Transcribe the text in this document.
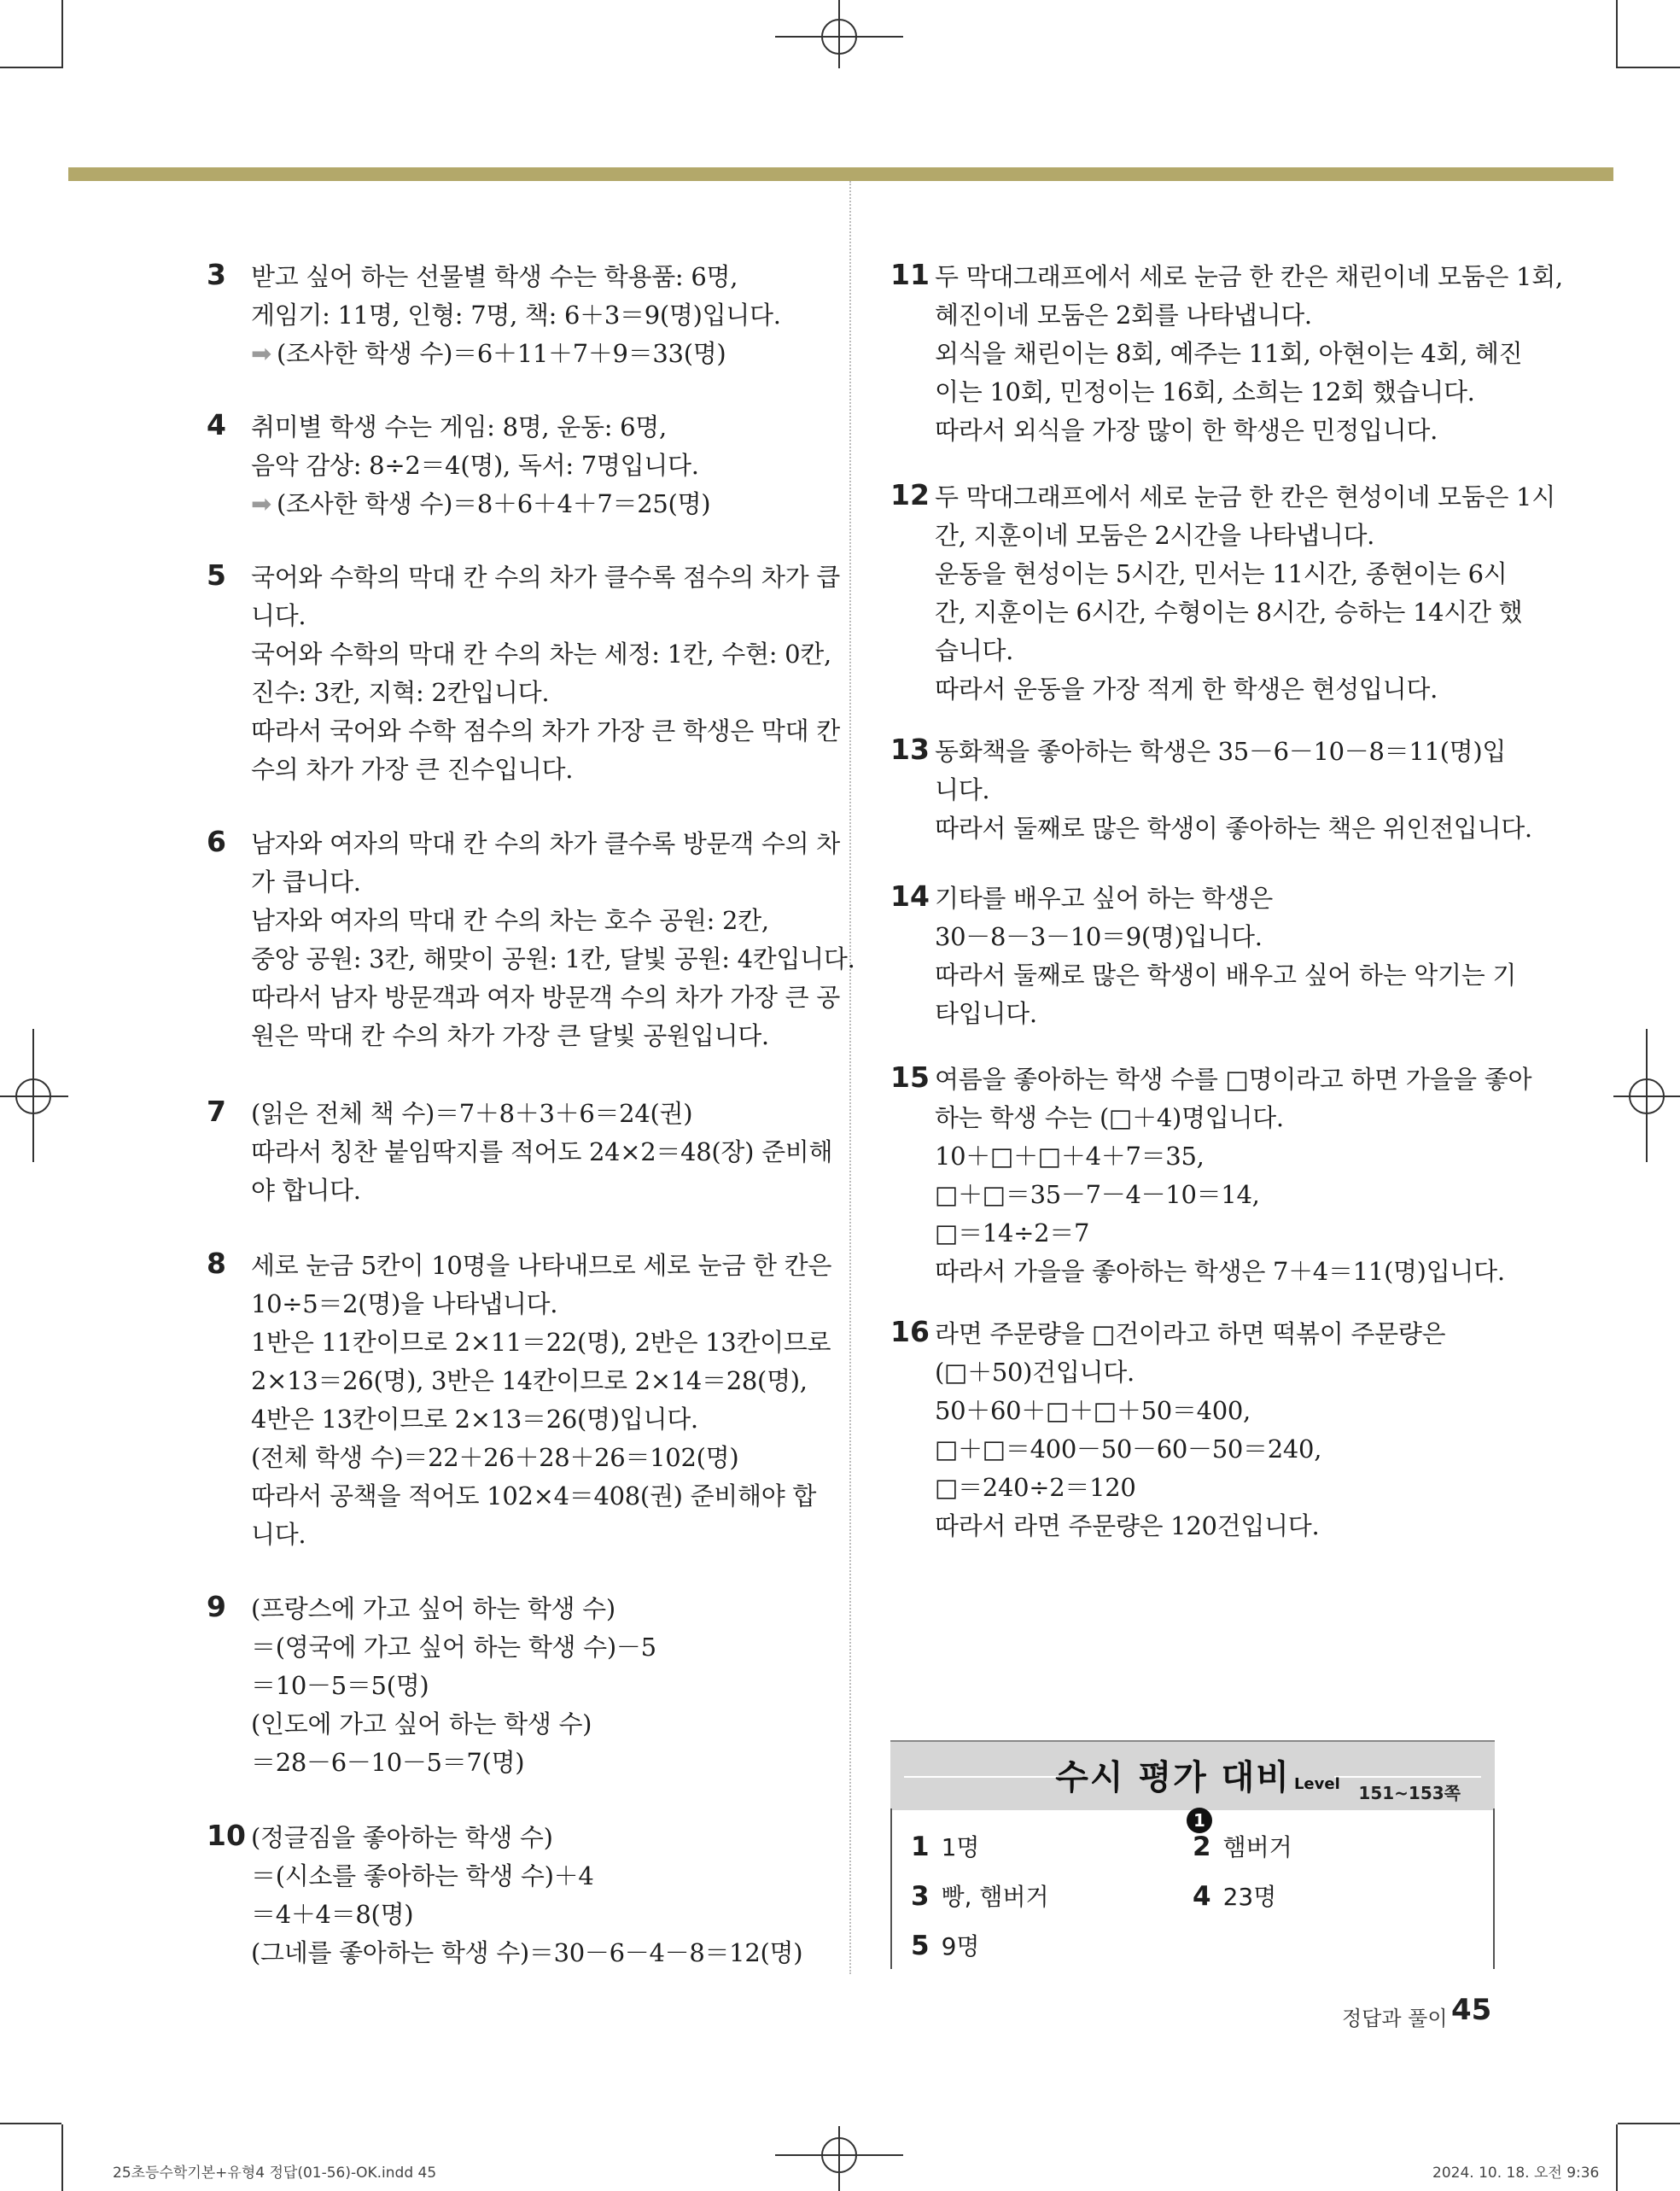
3 받고 싶어 하는 선물별 학생 수는 학용품: 6명,
게임기: 11명, 인형: 7명, 책: 6＋3＝9(명)입니다.
➡ (조사한 학생 수)＝6＋11＋7＋9＝33(명)
4 취미별 학생 수는 게임: 8명, 운동: 6명,
음악 감상: 8÷2＝4(명), 독서: 7명입니다.
➡ (조사한 학생 수)＝8＋6＋4＋7＝25(명)
5 국어와 수학의 막대 칸 수의 차가 클수록 점수의 차가 큽
니다.
국어와 수학의 막대 칸 수의 차는 세정: 1칸, 수현: 0칸,
진수: 3칸, 지혁: 2칸입니다.
따라서 국어와 수학 점수의 차가 가장 큰 학생은 막대 칸
수의 차가 가장 큰 진수입니다.
6 남자와 여자의 막대 칸 수의 차가 클수록 방문객 수의 차
가 큽니다.
남자와 여자의 막대 칸 수의 차는 호수 공원: 2칸,
중앙 공원: 3칸, 해맞이 공원: 1칸, 달빛 공원: 4칸입니다.
따라서 남자 방문객과 여자 방문객 수의 차가 가장 큰 공
원은 막대 칸 수의 차가 가장 큰 달빛 공원입니다.
7 (읽은 전체 책 수)＝7＋8＋3＋6＝24(권)
따라서 칭찬 붙임딱지를 적어도 24×2＝48(장) 준비해
야 합니다.
8 세로 눈금 5칸이 10명을 나타내므로 세로 눈금 한 칸은
10÷5＝2(명)을 나타냅니다.
1반은 11칸이므로 2×11＝22(명), 2반은 13칸이므로
2×13＝26(명), 3반은 14칸이므로 2×14＝28(명),
4반은 13칸이므로 2×13＝26(명)입니다.
(전체 학생 수)＝22＋26＋28＋26＝102(명)
따라서 공책을 적어도 102×4＝408(권) 준비해야 합
니다.
9 (프랑스에 가고 싶어 하는 학생 수)
＝(영국에 가고 싶어 하는 학생 수)－5
＝10－5＝5(명)
(인도에 가고 싶어 하는 학생 수)
＝28－6－10－5＝7(명)
10 (정글짐을 좋아하는 학생 수)
＝(시소를 좋아하는 학생 수)＋4
＝4＋4＝8(명)
(그네를 좋아하는 학생 수)＝30－6－4－8＝12(명)
11 두 막대그래프에서 세로 눈금 한 칸은 채린이네 모둠은 1회,
혜진이네 모둠은 2회를 나타냅니다.
외식을 채린이는 8회, 예주는 11회, 아현이는 4회, 혜진
이는 10회, 민정이는 16회, 소희는 12회 했습니다.
따라서 외식을 가장 많이 한 학생은 민정입니다.
12 두 막대그래프에서 세로 눈금 한 칸은 현성이네 모둠은 1시
간, 지훈이네 모둠은 2시간을 나타냅니다.
운동을 현성이는 5시간, 민서는 11시간, 종현이는 6시
간, 지훈이는 6시간, 수형이는 8시간, 승하는 14시간 했
습니다.
따라서 운동을 가장 적게 한 학생은 현성입니다.
13 동화책을 좋아하는 학생은 35－6－10－8＝11(명)입
니다.
따라서 둘째로 많은 학생이 좋아하는 책은 위인전입니다.
14 기타를 배우고 싶어 하는 학생은
30－8－3－10＝9(명)입니다.
따라서 둘째로 많은 학생이 배우고 싶어 하는 악기는 기
타입니다.
15 여름을 좋아하는 학생 수를 □명이라고 하면 가을을 좋아
하는 학생 수는 (□＋4)명입니다.
10＋□＋□＋4＋7＝35,
□＋□＝35－7－4－10＝14,
□＝14÷2＝7
따라서 가을을 좋아하는 학생은 7＋4＝11(명)입니다.
16 라면 주문량을 □건이라고 하면 떡볶이 주문량은
(□＋50)건입니다.
50＋60＋□＋□＋50＝400,
□＋□＝400－50－60－50＝240,
□＝240÷2＝120
따라서 라면 주문량은 120건입니다.
수시 평가 대비 Level1
151~153쪽
1 1명	2 햄버거
3 빵, 햄버거	4 23명
5 9명
정답과 풀이 45
25초등수학기본+유형4 정답(01-56)-OK.indd 45	2024. 10. 18. 오전 9:36
